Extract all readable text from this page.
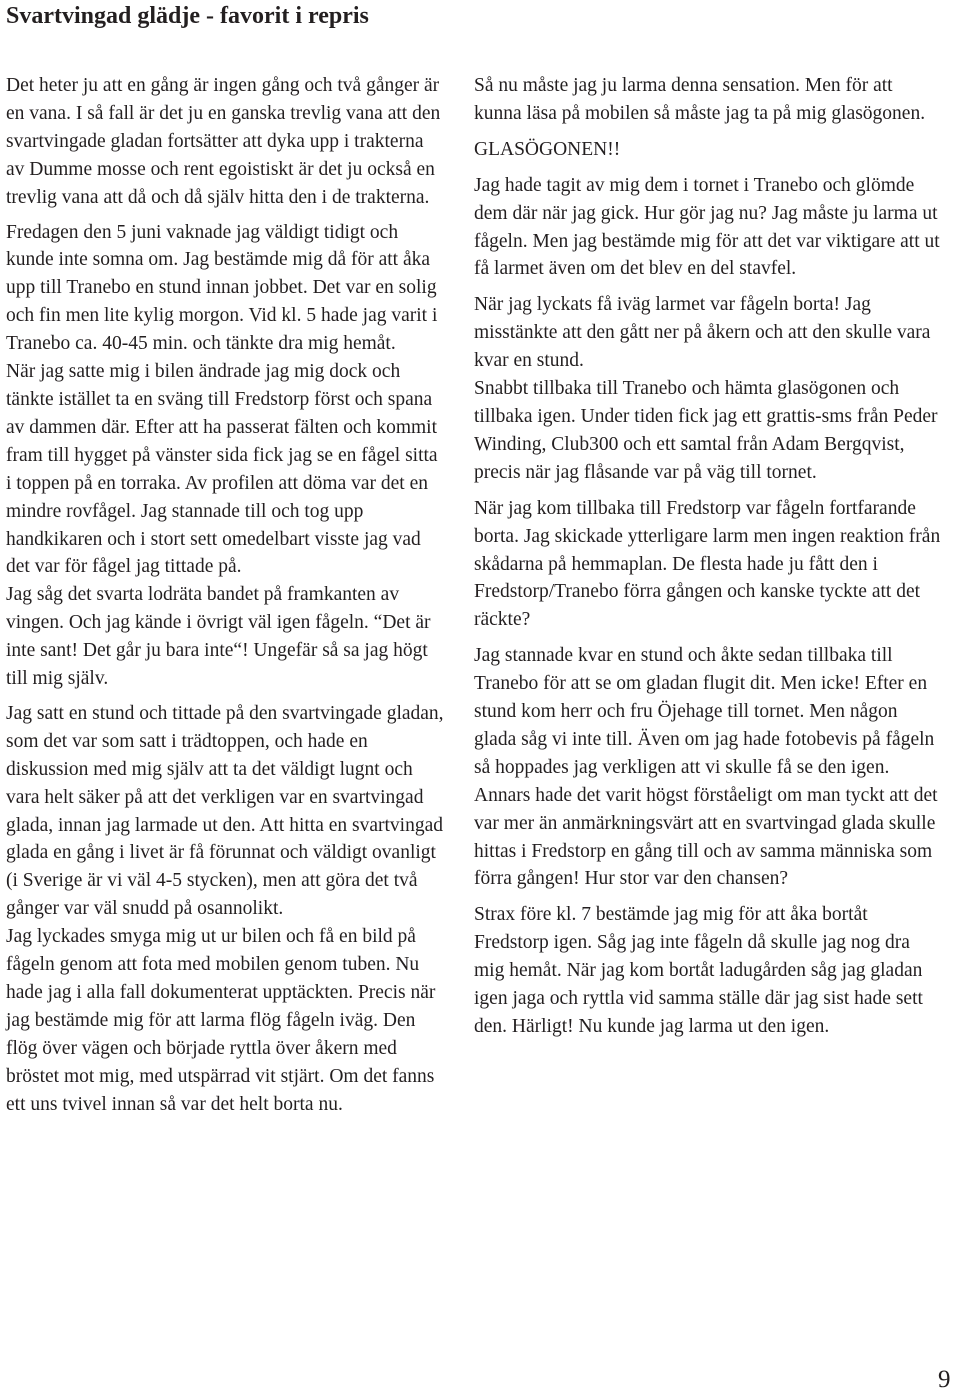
Svartvingad glädje - favorit i repris

Det heter ju att en gång är ingen gång och två gånger är en vana. I så fall är det ju en ganska trevlig vana att den svartvingade gladan fortsätter att dyka upp i trakterna av Dumme mosse och rent egoistiskt är det ju också en trevlig vana att då och då själv hitta den i de trakterna.

Fredagen den 5 juni vaknade jag väldigt tidigt och kunde inte somna om. Jag bestämde mig då för att åka upp till Tranebo en stund innan jobbet. Det var en solig och fin men lite kylig morgon. Vid kl. 5 hade jag varit i Tranebo ca. 40-45 min. och tänkte dra mig hemåt.

När jag satte mig i bilen ändrade jag mig dock och tänkte istället ta en sväng till Fredstorp först och spana av dammen där. Efter att ha passerat fälten och kommit fram till hygget på vänster sida fick jag se en fågel sitta i toppen på en torraka. Av profilen att döma var det en mindre rovfågel. Jag stannade till och tog upp handkikaren och i stort sett omedelbart visste jag vad det var för fågel jag tittade på.

Jag såg det svarta lodräta bandet på framkanten av vingen. Och jag kände i övrigt väl igen fågeln. “Det är inte sant! Det går ju bara inte“! Ungefär så sa jag högt till mig själv.

Jag satt en stund och tittade på den svartvingade gladan, som det var som satt i trädtoppen, och hade en diskussion med mig själv att ta det väldigt lugnt och vara helt säker på att det verkligen var en svartvingad glada, innan jag larmade ut den. Att hitta en svartvingad glada en gång i livet är få förunnat och väldigt ovanligt (i Sverige är vi väl 4-5 stycken), men att göra det två gånger var väl snudd på osannolikt.

Jag lyckades smyga mig ut ur bilen och få en bild på fågeln genom att fota med mobilen genom tuben. Nu hade jag i alla fall dokumenterat upptäckten. Precis när jag bestämde mig för att larma flög fågeln iväg. Den flög över vägen och började ryttla över åkern med bröstet mot mig, med utspärrad vit stjärt. Om det fanns ett uns tvivel innan så var det helt borta nu.

Så nu måste jag ju larma denna sensation. Men för att kunna läsa på mobilen så måste jag ta på mig glasögonen.

GLASÖGONEN!!

Jag hade tagit av mig dem i tornet i Tranebo och glömde dem där när jag gick. Hur gör jag nu? Jag måste ju larma ut fågeln. Men jag bestämde mig för att det var viktigare att ut få larmet även om det blev en del stavfel.

När jag lyckats få iväg larmet var fågeln borta! Jag misstänkte att den gått ner på åkern och att den skulle vara kvar en stund.

Snabbt tillbaka till Tranebo och hämta glasögonen och tillbaka igen. Under tiden fick jag ett grattis-sms från Peder Winding, Club300 och ett samtal från Adam Bergqvist, precis när jag flåsande var på väg till tornet.

När jag kom tillbaka till Fredstorp var fågeln fortfarande borta. Jag skickade ytterligare larm men ingen reaktion från skådarna på hemmaplan. De flesta hade ju fått den i Fredstorp/Tranebo förra gången och kanske tyckte att det räckte?

Jag stannade kvar en stund och åkte sedan tillbaka till Tranebo för att se om gladan flugit dit. Men icke! Efter en stund kom herr och fru Öjehage till tornet. Men någon glada såg vi inte till. Även om jag hade fotobevis på fågeln så hoppades jag verkligen att vi skulle få se den igen. Annars hade det varit högst förståeligt om man tyckt att det var mer än anmärkningsvärt att en svartvingad glada skulle hittas i Fredstorp en gång till och av samma människa som förra gången! Hur stor var den chansen?

Strax före kl. 7 bestämde jag mig för att åka bortåt Fredstorp igen. Såg jag inte fågeln då skulle jag nog dra mig hemåt. När jag kom bortåt ladugården såg jag gladan igen jaga och ryttla vid samma ställe där jag sist hade sett den. Härligt! Nu kunde jag larma ut den igen.

9
